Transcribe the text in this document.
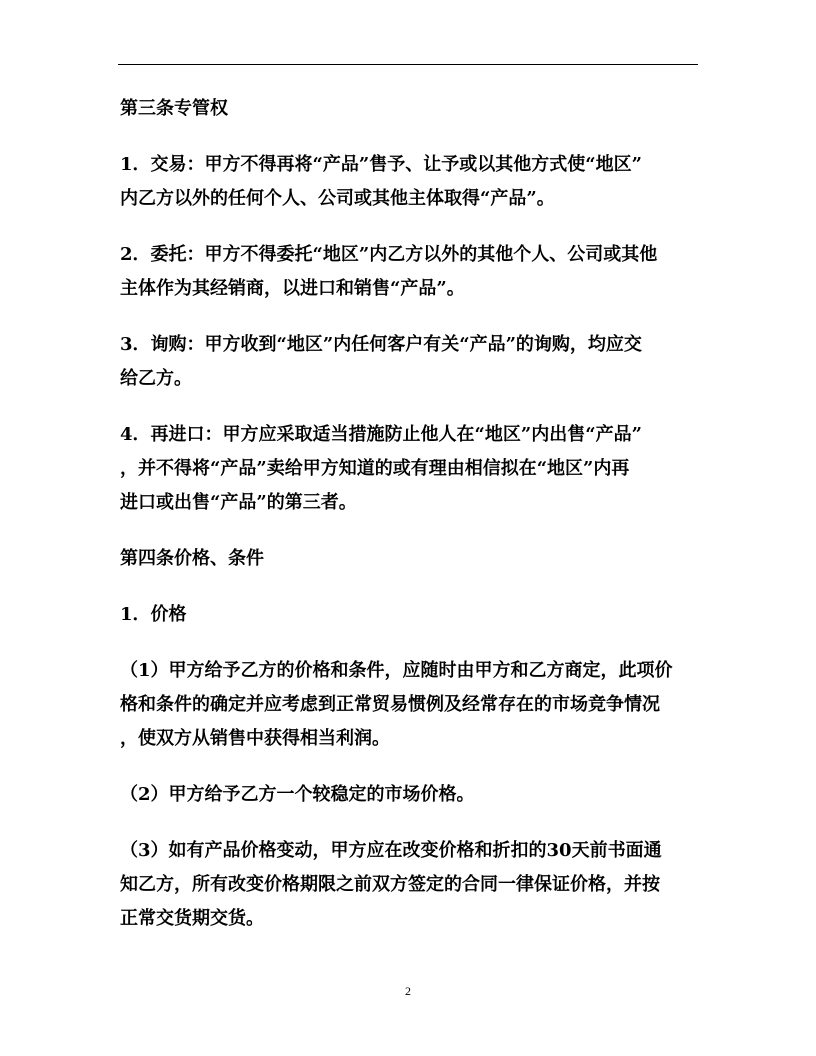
第三条专管权
1．交易：甲方不得再将“产品”售予、让予或以其他方式使“地区”
内乙方以外的任何个人、公司或其他主体取得“产品”。
2．委托：甲方不得委托“地区”内乙方以外的其他个人、公司或其他
主体作为其经销商，以进口和销售“产品”。
3．询购：甲方收到“地区”内任何客户有关“产品”的询购，均应交
给乙方。
4．再进口：甲方应采取适当措施防止他人在“地区”内出售“产品”
，并不得将“产品”卖给甲方知道的或有理由相信拟在“地区”内再
进口或出售“产品”的第三者。
第四条价格、条件
1．价格
（1）甲方给予乙方的价格和条件，应随时由甲方和乙方商定，此项价
格和条件的确定并应考虑到正常贸易惯例及经常存在的市场竞争情况
，使双方从销售中获得相当利润。
（2）甲方给予乙方一个较稳定的市场价格。
（3）如有产品价格变动，甲方应在改变价格和折扣的30天前书面通
知乙方，所有改变价格期限之前双方签定的合同一律保证价格，并按
正常交货期交货。
2
